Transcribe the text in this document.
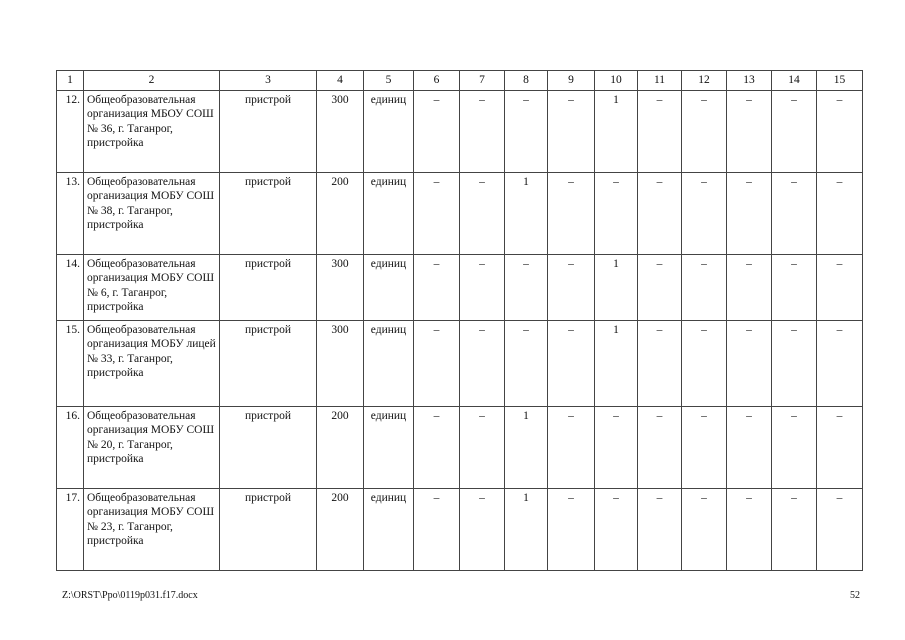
1	2	3	4	5	6	7	8	9	10	11	12	13	14	15
12.	Общеобразовательная организация МБОУ СОШ № 36, г. Таганрог, пристройка	пристрой	300	единиц	–	–	–	–	1	–	–	–	–	–
13.	Общеобразовательная организация МОБУ СОШ № 38, г. Таганрог, пристройка	пристрой	200	единиц	–	–	1	–	–	–	–	–	–	–
14.	Общеобразовательная организация МОБУ СОШ № 6, г. Таганрог, пристройка	пристрой	300	единиц	–	–	–	–	1	–	–	–	–	–
15.	Общеобразовательная организация МОБУ лицей № 33, г. Таганрог, пристройка	пристрой	300	единиц	–	–	–	–	1	–	–	–	–	–
16.	Общеобразовательная организация МОБУ СОШ № 20, г. Таганрог, пристройка	пристрой	200	единиц	–	–	1	–	–	–	–	–	–	–
17.	Общеобразовательная организация МОБУ СОШ № 23, г. Таганрог, пристройка	пристрой	200	единиц	–	–	1	–	–	–	–	–	–	–
Z:\ORST\Ppo\0119p031.f17.docx	52
